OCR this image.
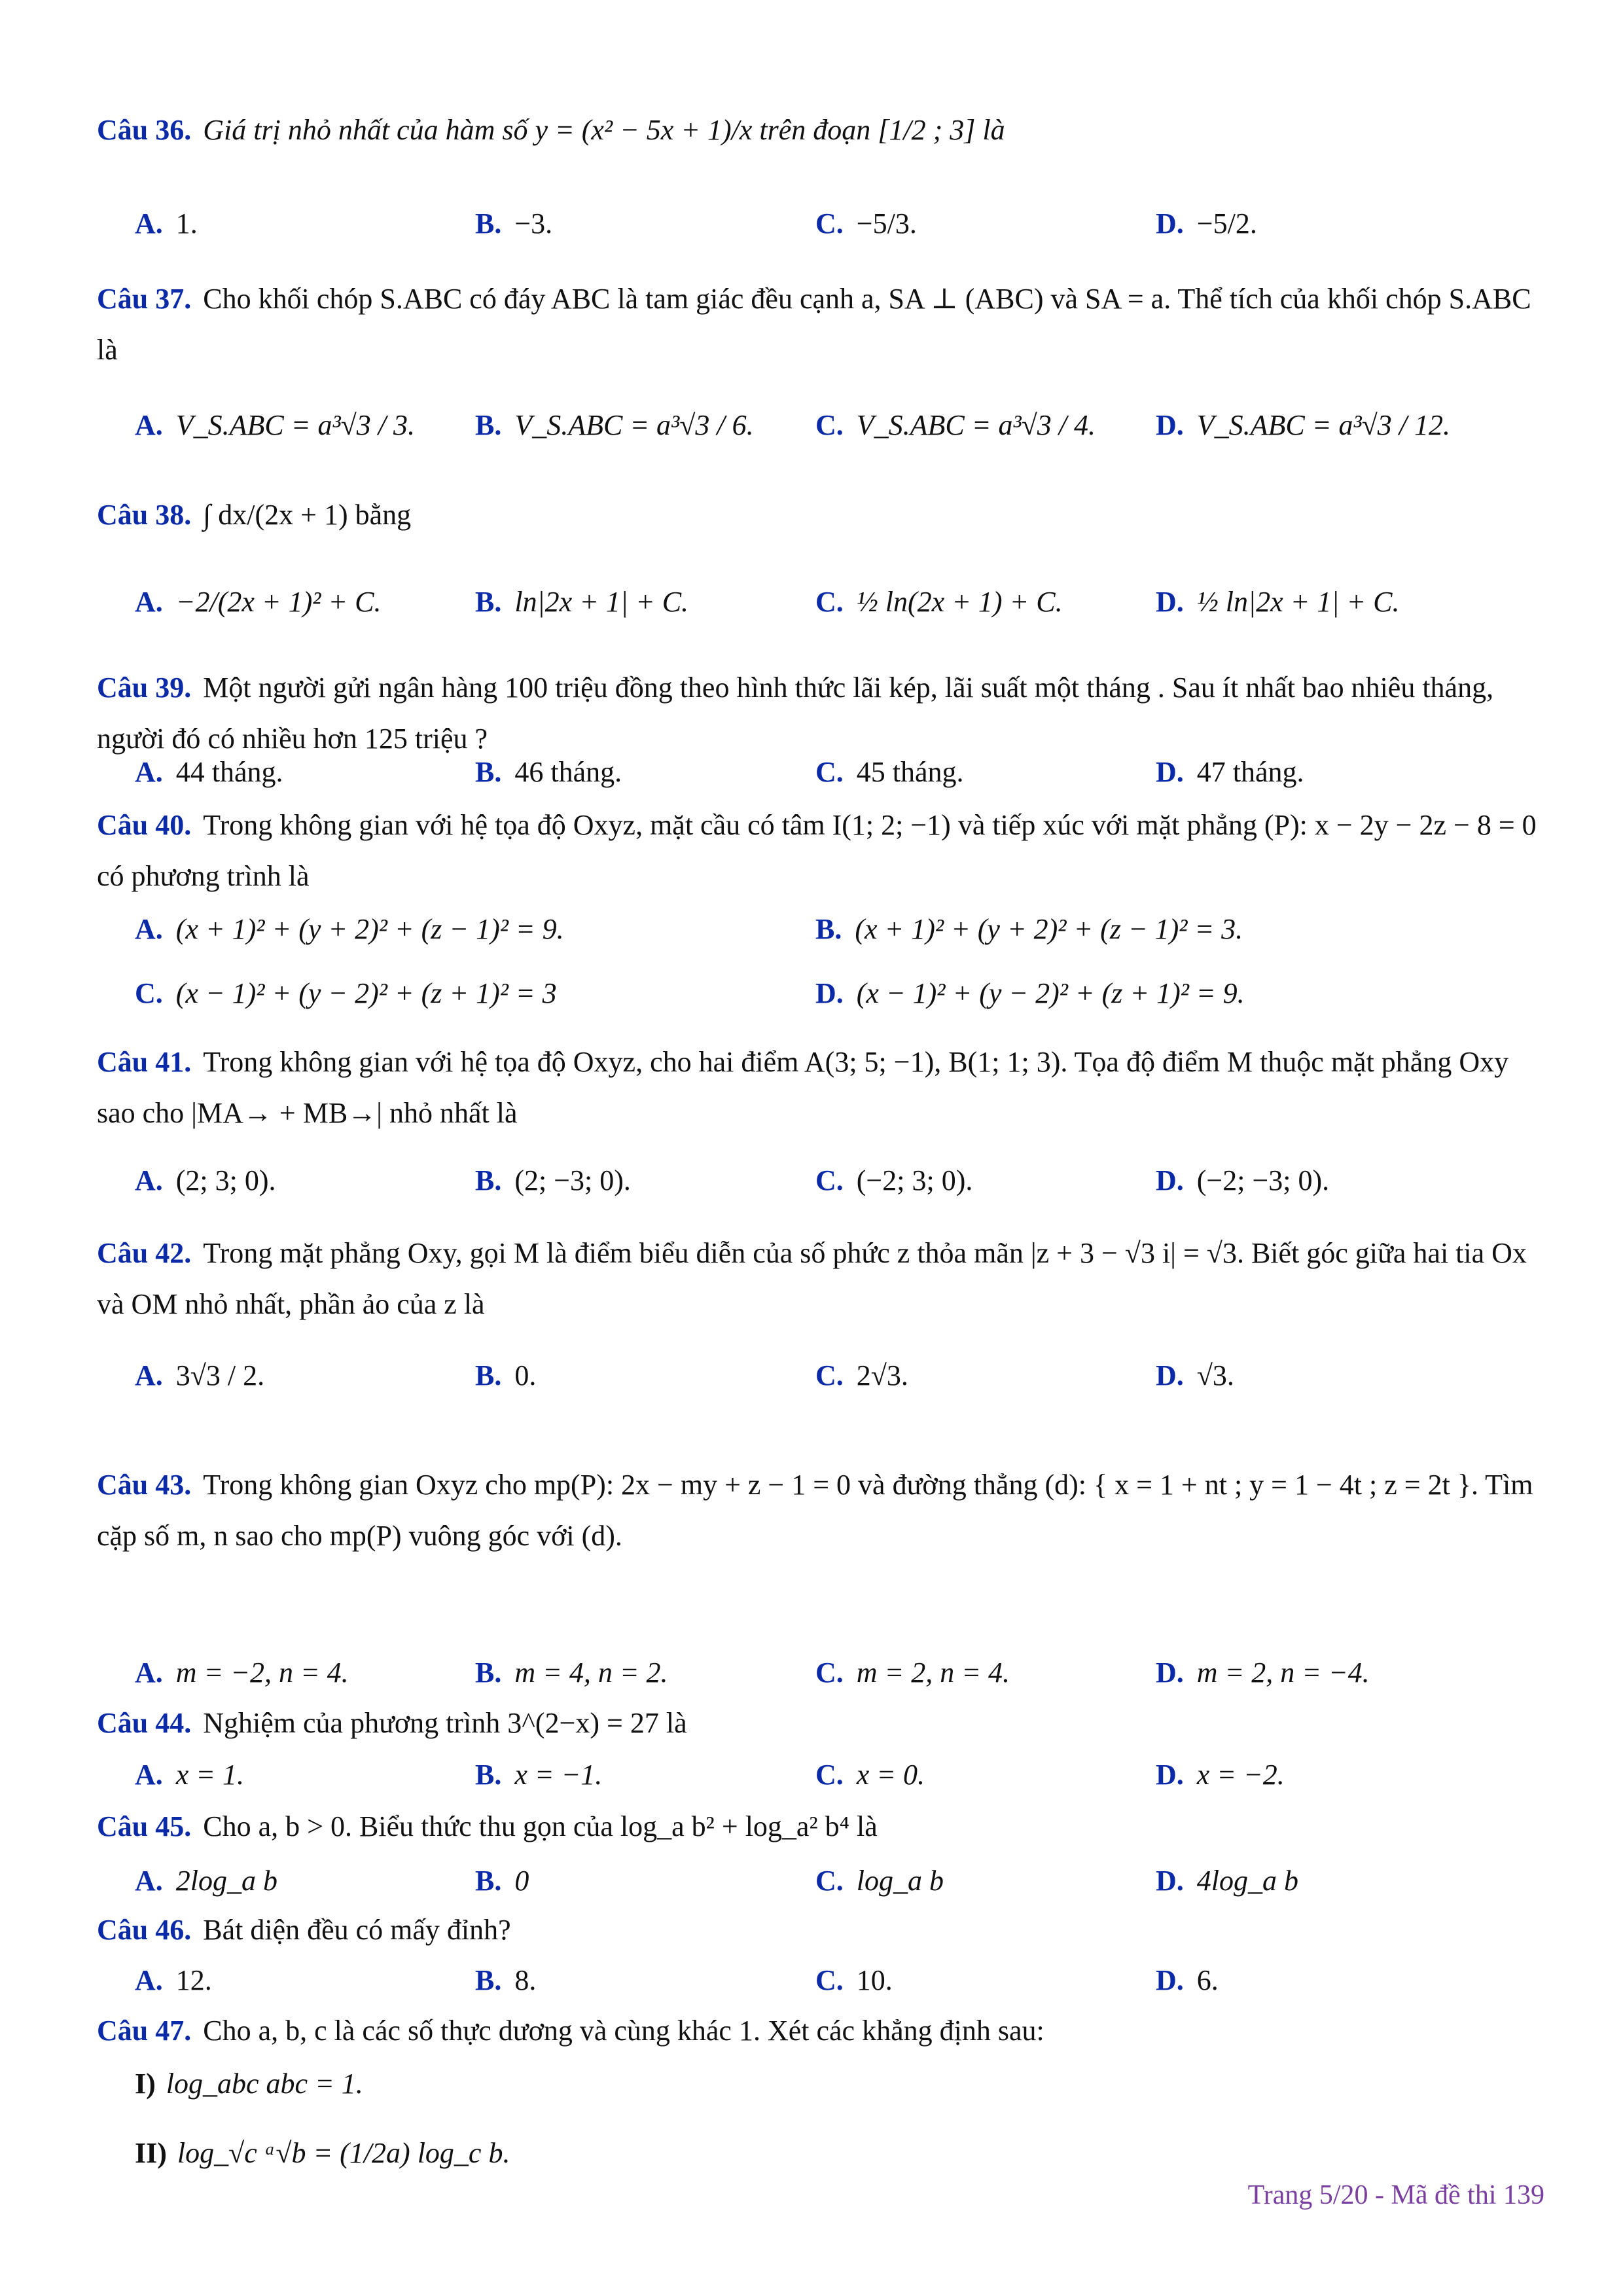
Câu 36. Giá trị nhỏ nhất của hàm số y = (x² − 5x + 1)/x trên đoạn [1/2 ; 3] là
A. 1.	B. −3.	C. −5/3.	D. −5/2.
Câu 37. Cho khối chóp S.ABC có đáy ABC là tam giác đều cạnh a, SA ⊥ (ABC) và SA = a. Thể tích của khối chóp S.ABC là
A. V_S.ABC = a³√3 / 3. B. V_S.ABC = a³√3 / 6. C. V_S.ABC = a³√3 / 4. D. V_S.ABC = a³√3 / 12.
Câu 38. ∫ dx/(2x + 1) bằng
A. −2/(2x + 1)² + C.	B. ln|2x + 1| + C.	C. ½ ln(2x + 1) + C.	D. ½ ln|2x + 1| + C.
Câu 39. Một người gửi ngân hàng 100 triệu đồng theo hình thức lãi kép, lãi suất một tháng . Sau ít nhất bao nhiêu tháng, người đó có nhiều hơn 125 triệu ?
A. 44 tháng.	B. 46 tháng.	C. 45 tháng.	D. 47 tháng.
Câu 40. Trong không gian với hệ tọa độ Oxyz, mặt cầu có tâm I(1; 2; −1) và tiếp xúc với mặt phẳng (P): x − 2y − 2z − 8 = 0 có phương trình là
A. (x + 1)² + (y + 2)² + (z − 1)² = 9.	B. (x + 1)² + (y + 2)² + (z − 1)² = 3.
C. (x − 1)² + (y − 2)² + (z + 1)² = 3	D. (x − 1)² + (y − 2)² + (z + 1)² = 9.
Câu 41. Trong không gian với hệ tọa độ Oxyz, cho hai điểm A(3; 5; −1), B(1; 1; 3). Tọa độ điểm M thuộc mặt phẳng Oxy sao cho |MA→ + MB→| nhỏ nhất là
A. (2; 3; 0).	B. (2; −3; 0).	C. (−2; 3; 0).	D. (−2; −3; 0).
Câu 42. Trong mặt phẳng Oxy, gọi M là điểm biểu diễn của số phức z thỏa mãn |z + 3 − √3 i| = √3. Biết góc giữa hai tia Ox và OM nhỏ nhất, phần ảo của z là
A. 3√3 / 2.	B. 0.	C. 2√3.	D. √3.
Câu 43. Trong không gian Oxyz cho mp(P): 2x − my + z − 1 = 0 và đường thẳng (d): { x = 1 + nt ; y = 1 − 4t ; z = 2t }. Tìm cặp số m, n sao cho mp(P) vuông góc với (d).
A. m = −2, n = 4.	B. m = 4, n = 2.	C. m = 2, n = 4.	D. m = 2, n = −4.
Câu 44. Nghiệm của phương trình 3^(2−x) = 27 là
A. x = 1.	B. x = −1.	C. x = 0.	D. x = −2.
Câu 45. Cho a, b > 0. Biểu thức thu gọn của log_a b² + log_a² b⁴ là
A. 2log_a b	B. 0	C. log_a b	D. 4log_a b
Câu 46. Bát diện đều có mấy đỉnh?
A. 12.	B. 8.	C. 10.	D. 6.
Câu 47. Cho a, b, c là các số thực dương và cùng khác 1. Xét các khẳng định sau:
I) log_abc abc = 1.
II) log_√c ᵃ√b = (1/2a) log_c b.
Trang 5/20 - Mã đề thi 139
